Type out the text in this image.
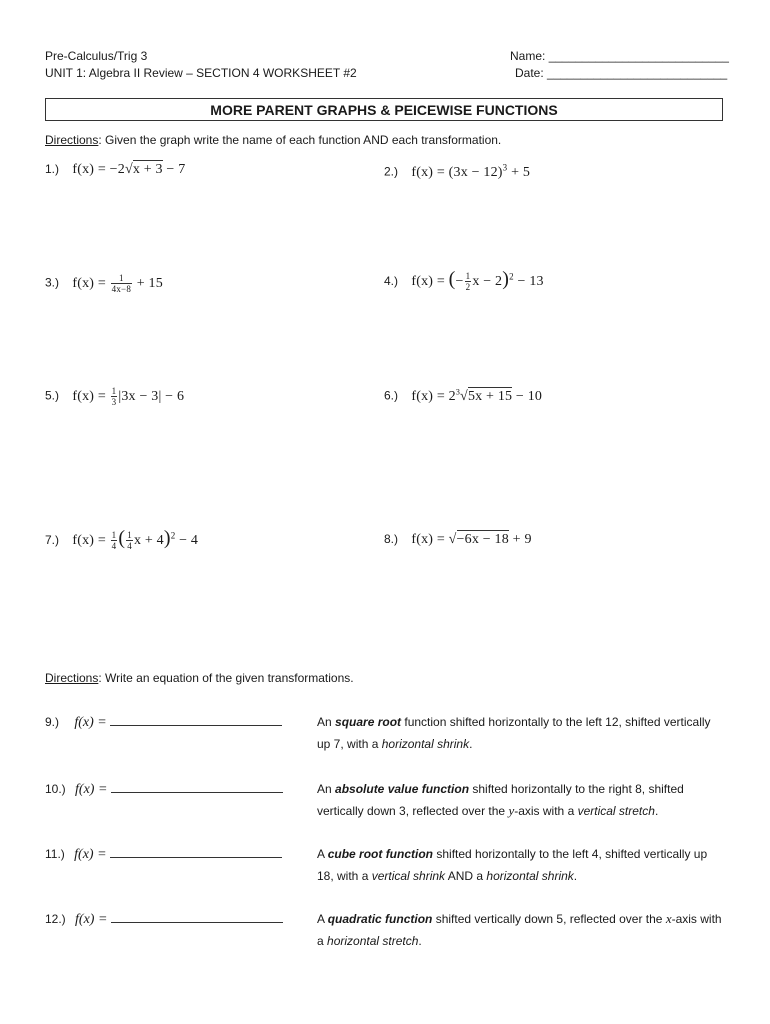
Pre-Calculus/Trig 3
UNIT 1: Algebra II Review – SECTION 4 WORKSHEET #2
Name: ___________________________
Date: ___________________________
MORE PARENT GRAPHS & PEICEWISE FUNCTIONS
Directions: Given the graph write the name of each function AND each transformation.
1.) f(x) = −2√x + 3 − 7	2.) $f(x) = (3x - 12)^3 + 5$
3.) $f(x) = \frac{1}{4x-8} + 15$	4.) f(x) = (− $\frac{1}{2}$ x − 2)$^2$ − 13
5.) $f(x) = \frac{1}{3} |3x - 3| - 6$	6.) $f(x) = 2^3√5x + 15 - 10$
7.) $f(x) = \frac{1}{4}$ ( $\frac{1}{4}$ x + 4)$^2$ − 4	8.) f(x) = √−6x − 18 + 9
Directions: Write an equation of the given transformations.
9.) f(x) =	An square root function shifted horizontally to the left 12, shifted vertically up 7, with a horizontal shrink.
10.) f(x) =	An absolute value function shifted horizontally to the right 8, shifted vertically down 3, reflected over the y-axis with a vertical stretch.
11.) f(x) =	A cube root function shifted horizontally to the left 4, shifted vertically up 18, with a vertical shrink AND a horizontal shrink.
12.) f(x) =	A quadratic function shifted vertically down 5, reflected over the x-axis with a horizontal stretch.
